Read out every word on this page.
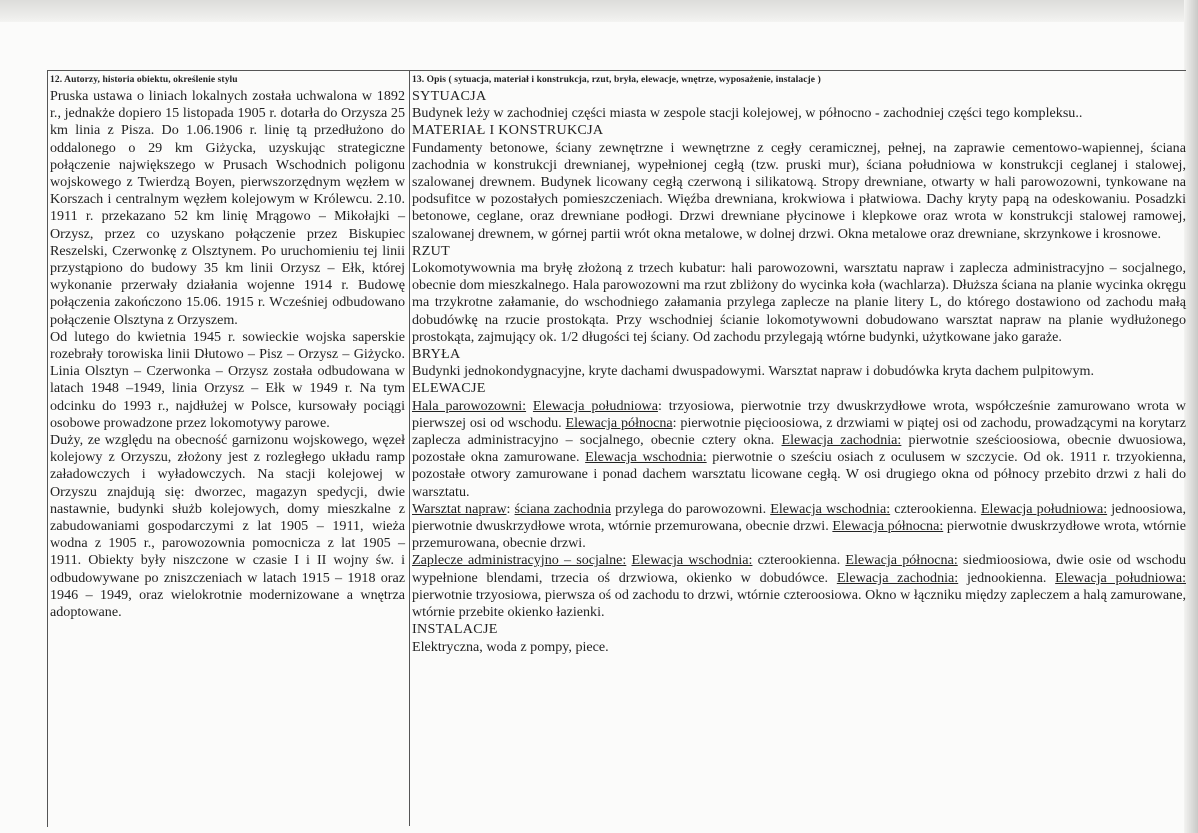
12. Autorzy, historia obiektu, określenie stylu

Pruska ustawa o liniach lokalnych została uchwalona w 1892 r., jednakże dopiero 15 listopada 1905 r. dotarła do Orzysza 25 km linia z Pisza. Do 1.06.1906 r. linię tą przedłużono do oddalonego o 29 km Giżycka, uzyskując strategiczne połączenie największego w Prusach Wschodnich poligonu wojskowego z Twierdzą Boyen, pierwszorzędnym węzłem w Korszach i centralnym węzłem kolejowym w Królewcu. 2.10. 1911 r. przekazano 52 km linię Mrągowo – Mikołajki – Orzysz, przez co uzyskano połączenie przez Biskupiec Reszelski, Czerwonkę z Olsztynem. Po uruchomieniu tej linii przystąpiono do budowy 35 km linii Orzysz – Ełk, której wykonanie przerwały działania wojenne 1914 r. Budowę połączenia zakończono 15.06. 1915 r. Wcześniej odbudowano połączenie Olsztyna z Orzyszem.

Od lutego do kwietnia 1945 r. sowieckie wojska saperskie rozebrały torowiska linii Dłutowo – Pisz – Orzysz – Giżycko. Linia Olsztyn – Czerwonka – Orzysz została odbudowana w latach 1948 –1949, linia Orzysz – Ełk w 1949 r. Na tym odcinku do 1993 r., najdłużej w Polsce, kursowały pociągi osobowe prowadzone przez lokomotywy parowe.

Duży, ze względu na obecność garnizonu wojskowego, węzeł kolejowy z Orzyszu, złożony jest z rozległego układu ramp załadowczych i wyładowczych. Na stacji kolejowej w Orzyszu znajdują się: dworzec, magazyn spedycji, dwie nastawnie, budynki służb kolejowych, domy mieszkalne z zabudowaniami gospodarczymi z lat 1905 – 1911, wieża wodna z 1905 r., parowozownia pomocnicza z lat 1905 – 1911. Obiekty były niszczone w czasie I i II wojny św. i odbudowywane po zniszczeniach w latach 1915 – 1918 oraz 1946 – 1949, oraz wielokrotnie modernizowane a wnętrza adoptowane.

13. Opis ( sytuacja, materiał i konstrukcja, rzut, bryła, elewacje, wnętrze, wyposażenie, instalacje )
SYTUACJA

Budynek leży w zachodniej części miasta w zespole stacji kolejowej, w północno - zachodniej części tego kompleksu..

MATERIAŁ I KONSTRUKCJA

Fundamenty betonowe, ściany zewnętrzne i wewnętrzne z cegły ceramicznej, pełnej, na zaprawie cementowo-wapiennej, ściana zachodnia w konstrukcji drewnianej, wypełnionej cegłą (tzw. pruski mur), ściana południowa w konstrukcji ceglanej i stalowej, szalowanej drewnem. Budynek licowany cegłą czerwoną i silikatową. Stropy drewniane, otwarty w hali parowozowni, tynkowane na podsufitce w pozostałych pomieszczeniach. Więźba drewniana, krokwiowa i płatwiowa. Dachy kryty papą na odeskowaniu. Posadzki betonowe, ceglane, oraz drewniane podłogi. Drzwi drewniane płycinowe i klepkowe oraz wrota w konstrukcji stalowej ramowej, szalowanej drewnem, w górnej partii wrót okna metalowe, w dolnej drzwi. Okna metalowe oraz drewniane, skrzynkowe i krosnowe.

RZUT

Lokomotywownia ma bryłę złożoną z trzech kubatur: hali parowozowni, warsztatu napraw i zaplecza administracyjno – socjalnego, obecnie dom mieszkalnego. Hala parowozowni ma rzut zbliżony do wycinka koła (wachlarza). Dłuższa ściana na planie wycinka okręgu ma trzykrotne załamanie, do wschodniego załamania przylega zaplecze na planie litery L, do którego dostawiono od zachodu małą dobudówkę na rzucie prostokąta. Przy wschodniej ścianie lokomotywowni dobudowano warsztat napraw na planie wydłużonego prostokąta, zajmujący ok. 1/2 długości tej ściany. Od zachodu przylegają wtórne budynki, użytkowane jako garaże.

BRYŁA

Budynki jednokondygnacyjne, kryte dachami dwuspadowymi. Warsztat napraw i dobudówka kryta dachem pulpitowym.

ELEWACJE

Hala parowozowni: Elewacja południowa: trzyosiowa, pierwotnie trzy dwuskrzydłowe wrota, współcześnie zamurowano wrota w pierwszej osi od wschodu. Elewacja północna: pierwotnie pięcioosiowa, z drzwiami w piątej osi od zachodu, prowadzącymi na korytarz zaplecza administracyjno – socjalnego, obecnie cztery okna. Elewacja zachodnia: pierwotnie sześcioosiowa, obecnie dwuosiowa, pozostałe okna zamurowane. Elewacja wschodnia: pierwotnie o sześciu osiach z oculusem w szczycie. Od ok. 1911 r. trzyokienna, pozostałe otwory zamurowane i ponad dachem warsztatu licowane cegłą. W osi drugiego okna od północy przebito drzwi z hali do warsztatu.

Warsztat napraw: ściana zachodnia przylega do parowozowni. Elewacja wschodnia: czterookienna. Elewacja południowa: jednoosiowa, pierwotnie dwuskrzydłowe wrota, wtórnie przemurowana, obecnie drzwi. Elewacja północna: pierwotnie dwuskrzydłowe wrota, wtórnie przemurowana, obecnie drzwi.

Zaplecze administracyjno – socjalne: Elewacja wschodnia: czterookienna. Elewacja północna: siedmioosiowa, dwie osie od wschodu wypełnione blendami, trzecia oś drzwiowa, okienko w dobudówce. Elewacja zachodnia: jednookienna. Elewacja południowa: pierwotnie trzyosiowa, pierwsza oś od zachodu to drzwi, wtórnie czteroosiowa. Okno w łączniku między zapleczem a halą zamurowane, wtórnie przebite okienko łazienki.

INSTALACJE

Elektryczna, woda z pompy, piece.
